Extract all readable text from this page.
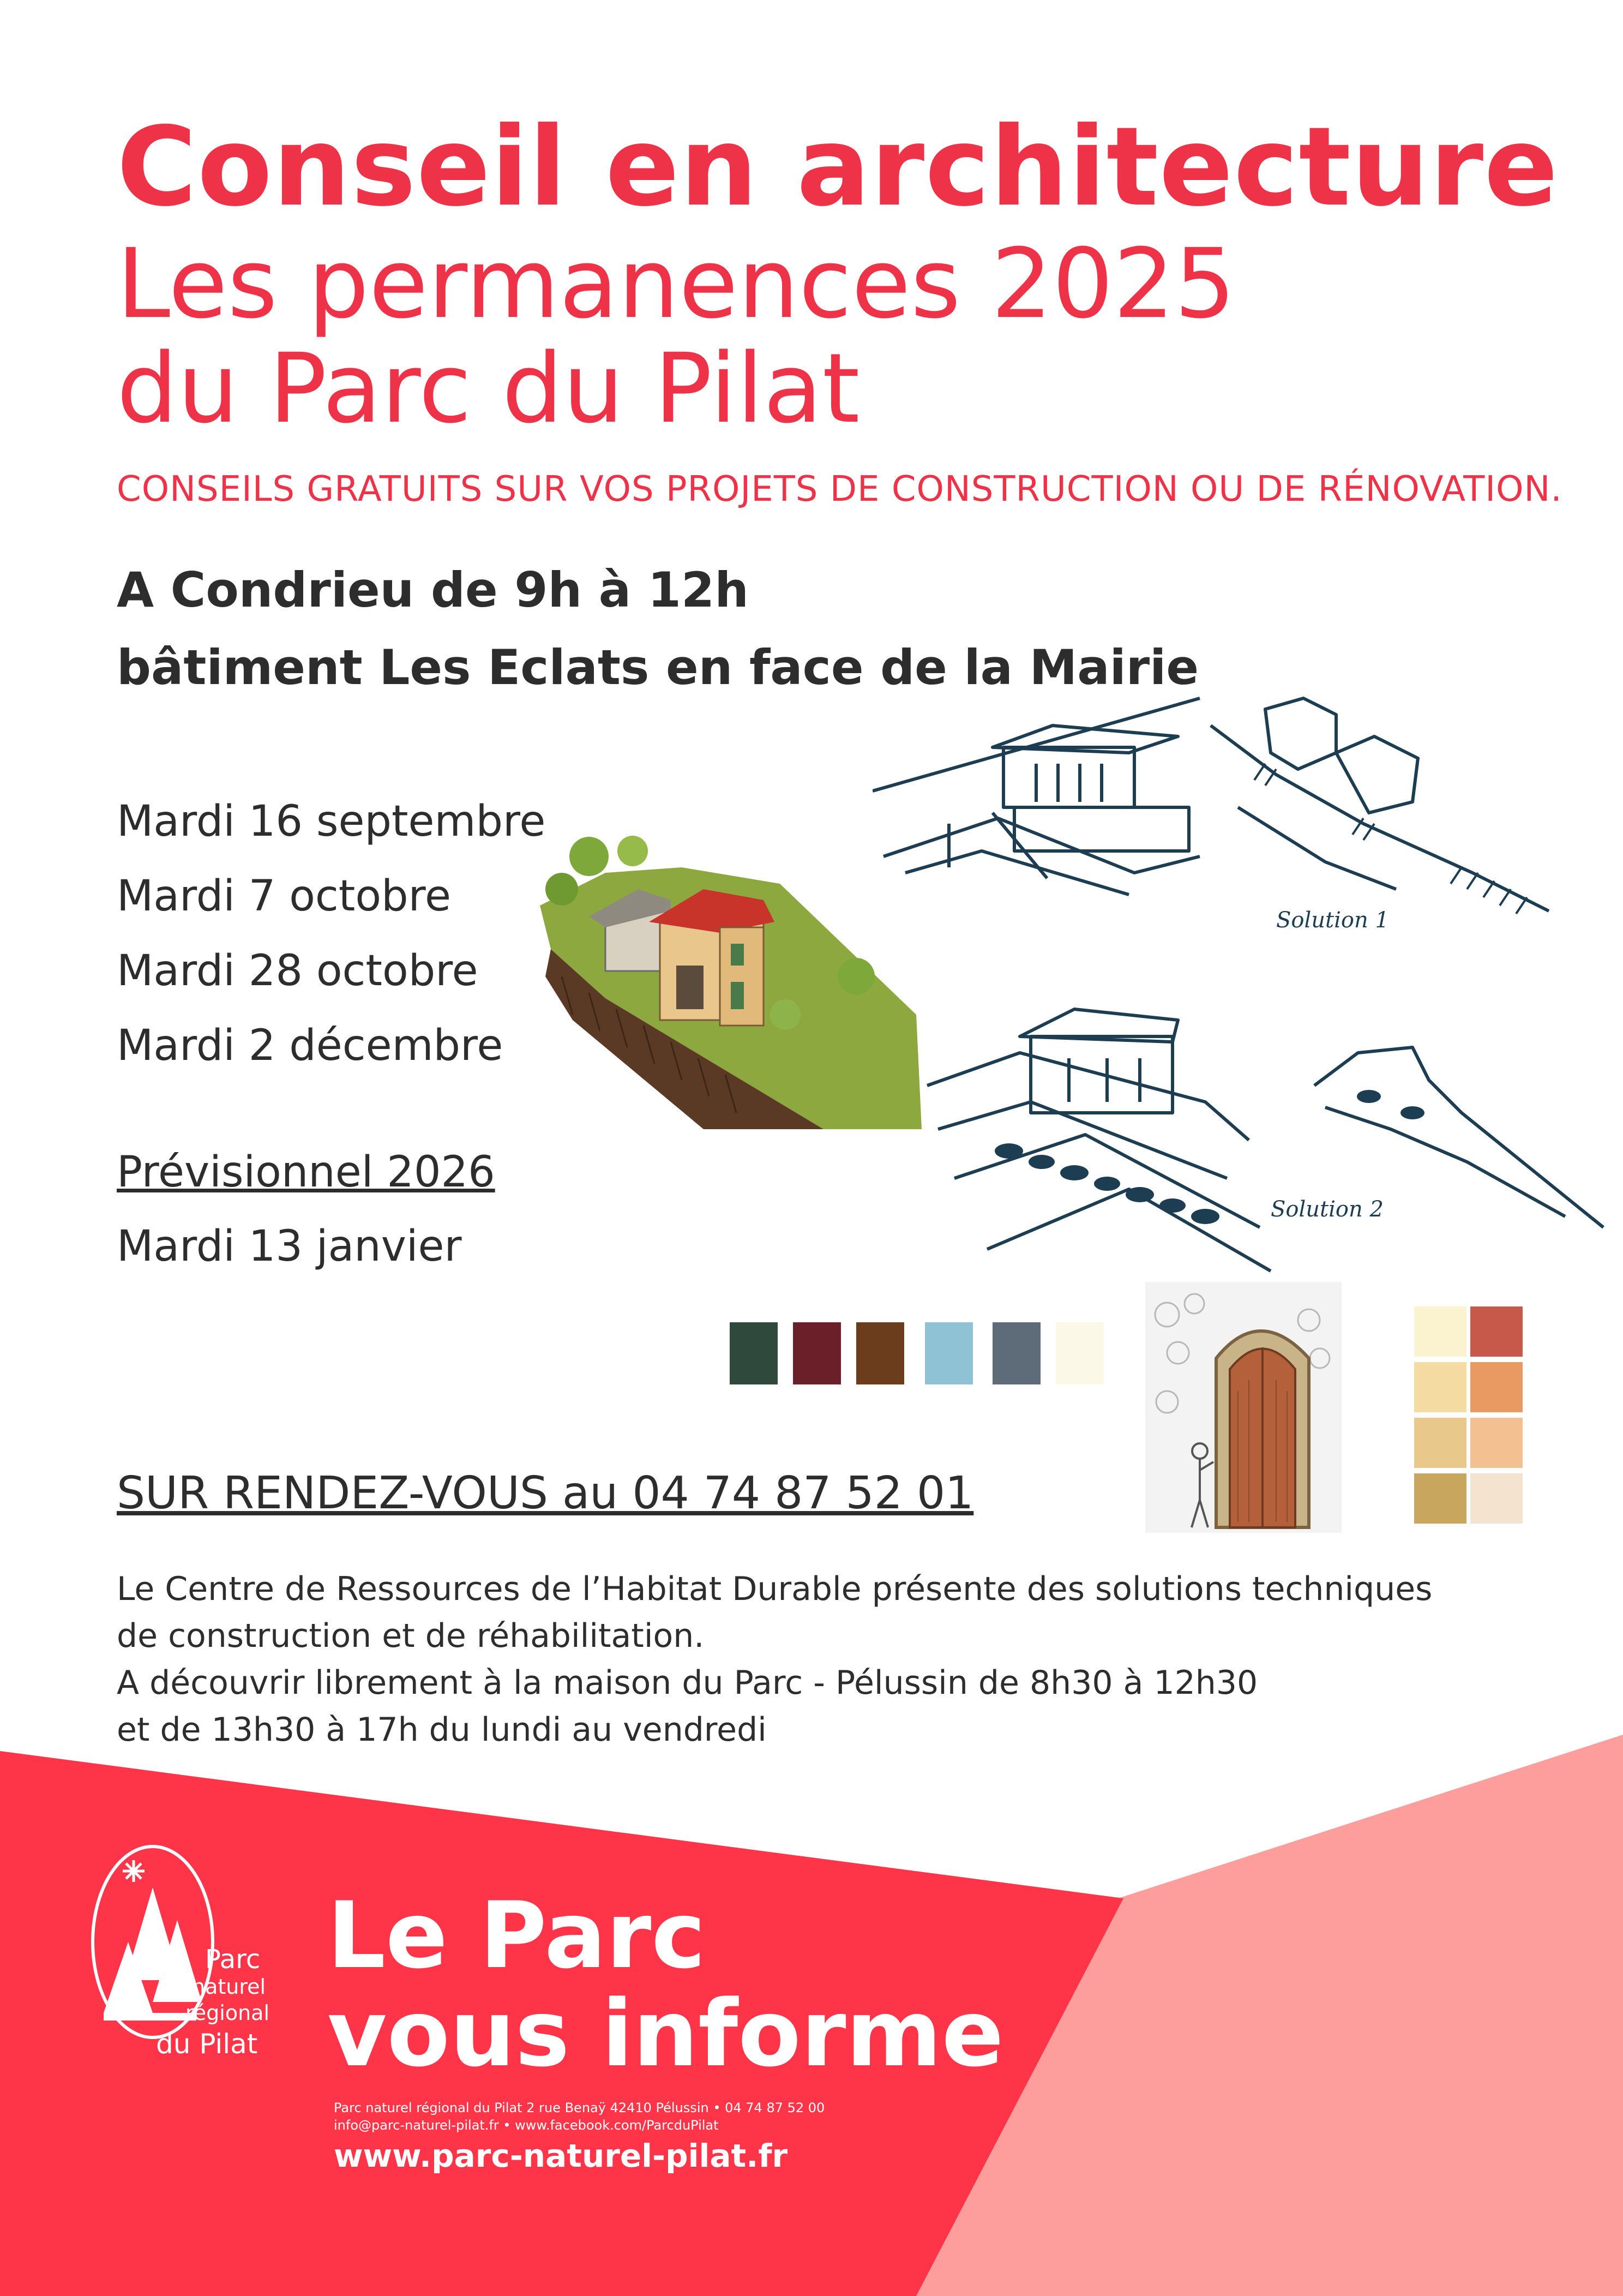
Conseil en architecture
Les permanences 2025
du Parc du Pilat
CONSEILS GRATUITS SUR VOS PROJETS DE CONSTRUCTION OU DE RÉNOVATION.
A Condrieu de 9h à 12h
bâtiment Les Eclats en face de la Mairie
Mardi 16 septembre
Mardi 7 octobre
Mardi 28 octobre
Mardi 2 décembre
Prévisionnel 2026
Mardi 13 janvier
Solution 1
Solution 2
SUR RENDEZ-VOUS au 04 74 87 52 01
Le Centre de Ressources de l’Habitat Durable présente des solutions techniques
de construction et de réhabilitation.
A découvrir librement à la maison du Parc - Pélussin de 8h30 à 12h30
et de 13h30 à 17h du lundi au vendredi
Parc
naturel
régional
du Pilat
Le Parc
vous informe
Parc naturel régional du Pilat 2 rue Benaÿ 42410 Pélussin • 04 74 87 52 00
info@parc-naturel-pilat.fr • www.facebook.com/ParcduPilat
www.parc-naturel-pilat.fr
